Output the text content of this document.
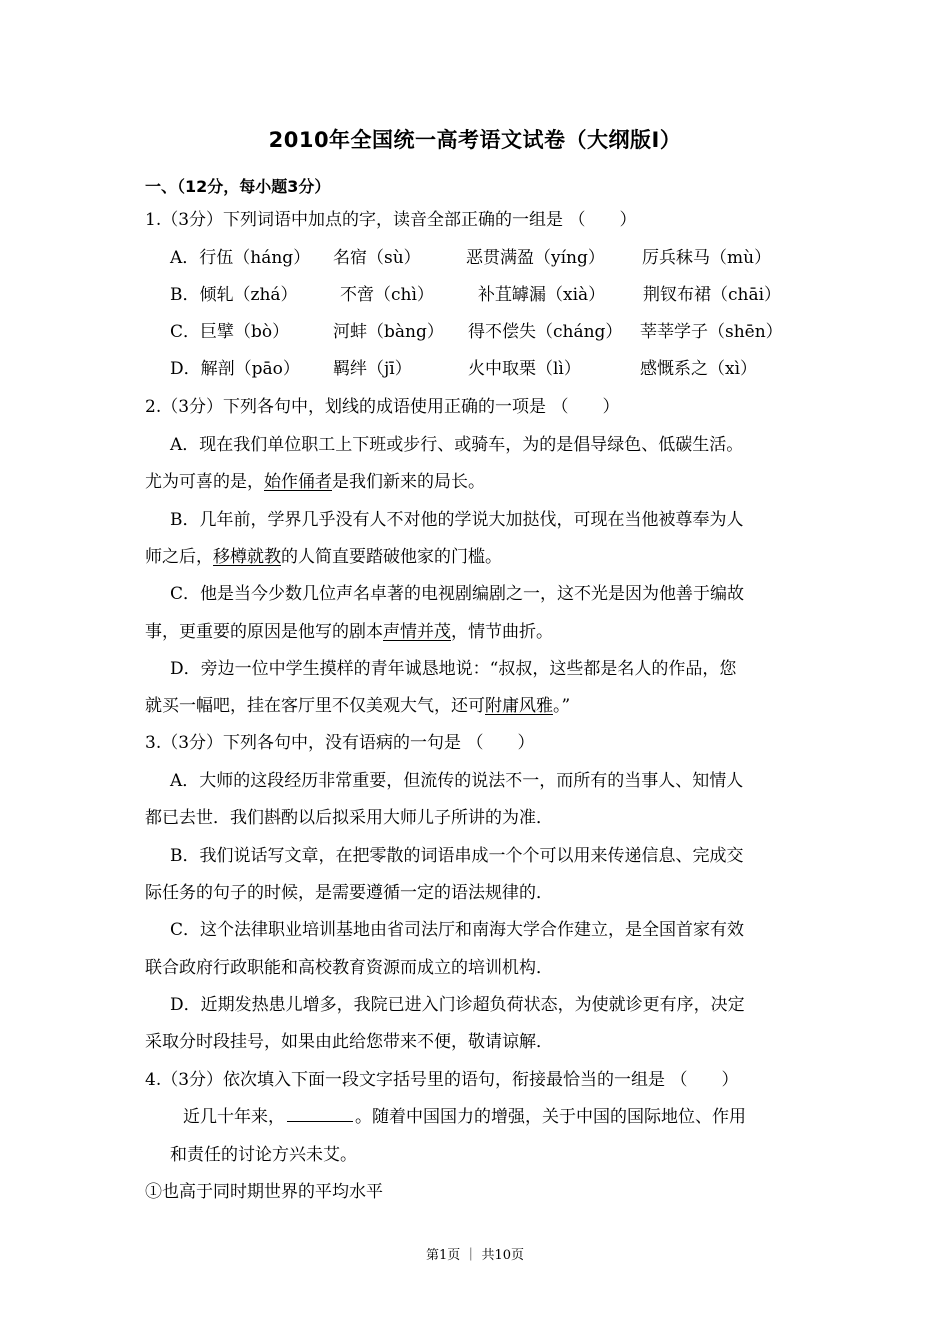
2010年全国统一高考语文试卷（大纲版Ⅰ）
一、（12分，每小题3分）
1.（3分）下列词语中加点的字，读音全部正确的一组是 （　　）
A．行伍（háng） 名宿（sù）	恶贯满盈（yíng） 厉兵秣马（mù）
B．倾轧（zhá） 不啻（chì）	补苴罅漏（xià） 荆钗布裙（chāi）
C．巨擘（bò）	河蚌（bàng） 得不偿失（cháng） 莘莘学子（shēn）
D．解剖（pāo） 羁绊（jī）	火中取栗（lì）	感慨系之（xì）
2.（3分）下列各句中，划线的成语使用正确的一项是 （　　）
A．现在我们单位职工上下班或步行、或骑车，为的是倡导绿色、低碳生活。
尤为可喜的是，始作俑者是我们新来的局长。
B．几年前，学界几乎没有人不对他的学说大加挞伐，可现在当他被尊奉为人
师之后，移樽就教的人简直要踏破他家的门槛。
C．他是当今少数几位声名卓著的电视剧编剧之一，这不光是因为他善于编故
事，更重要的原因是他写的剧本声情并茂，情节曲折。
D．旁边一位中学生摸样的青年诚恳地说：“叔叔，这些都是名人的作品，您
就买一幅吧，挂在客厅里不仅美观大气，还可附庸风雅。”
3.（3分）下列各句中，没有语病的一句是 （　　）
A．大师的这段经历非常重要，但流传的说法不一，而所有的当事人、知情人
都已去世．我们斟酌以后拟采用大师儿子所讲的为准．
B．我们说话写文章，在把零散的词语串成一个个可以用来传递信息、完成交
际任务的句子的时候，是需要遵循一定的语法规律的．
C．这个法律职业培训基地由省司法厅和南海大学合作建立，是全国首家有效
联合政府行政职能和高校教育资源而成立的培训机构．
D．近期发热患儿增多，我院已进入门诊超负荷状态，为使就诊更有序，决定
采取分时段挂号，如果由此给您带来不便，敬请谅解．
4.（3分）依次填入下面一段文字括号里的语句，衔接最恰当的一组是 （　　）
近几十年来，	。随着中国国力的增强，关于中国的国际地位、作用
和责任的讨论方兴未艾。
①也高于同时期世界的平均水平
第1页 ｜ 共10页
